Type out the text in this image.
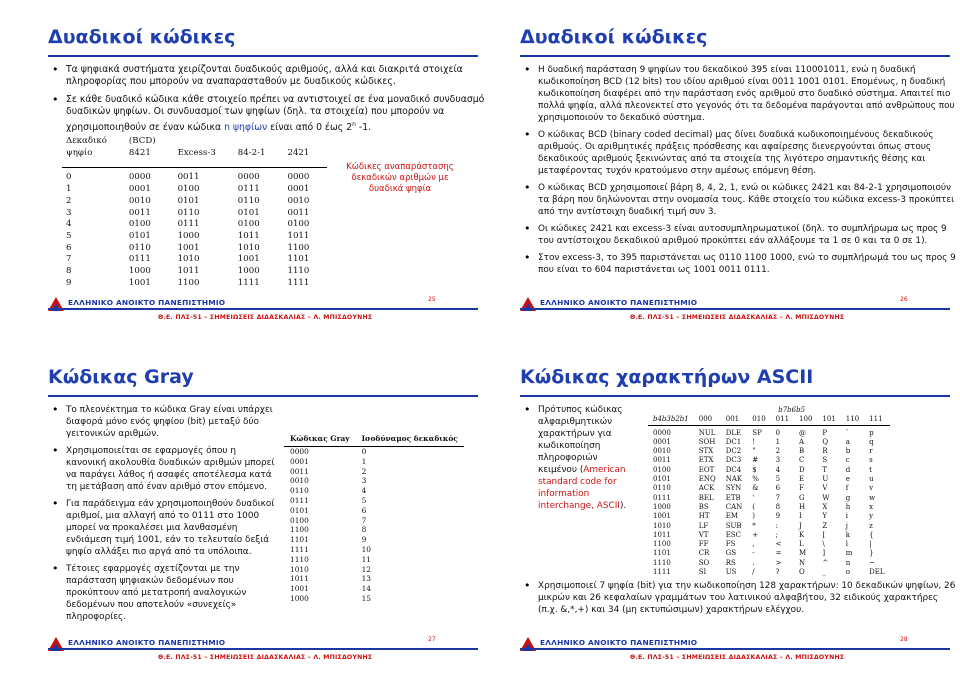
Δυαδικοί κώδικες
• Τα ψηφιακά συστήματα χειρίζονται δυαδικούς αριθμούς, αλλά και διακριτά στοιχεία πληροφορίας που μπορούν να αναπαρασταθούν με δυαδικούς κώδικες.
• Σε κάθε δυαδικό κώδικα κάθε στοιχείο πρέπει να αντιστοιχεί σε ένα μοναδικό συνδυασμό δυαδικών ψηφίων. Οι συνδυασμοί των ψηφίων (δηλ. τα στοιχεία) που μπορούν να χρησιμοποιηθούν σε έναν κώδικα n ψηφίων είναι από 0 έως 2$^n$ -1.
Δεκαδικό	(BCD)			
ψηφίο	8421	Excess-3	84-2-1	2421
0	0000	0011	0000	0000
1	0001	0100	0111	0001
2	0010	0101	0110	0010
3	0011	0110	0101	0011
4	0100	0111	0100	0100
5	0101	1000	1011	1011
6	0110	1001	1010	1100
7	0111	1010	1001	1101
8	1000	1011	1000	1110
9	1001	1100	1111	1111
Κώδικες αναπαράστασης δεκαδικών αριθμών με δυαδικά ψηφία
ΕΛΛΗΝΙΚΟ ΑΝΟΙΚΤΟ ΠΑΝΕΠΙΣΤΗΜΙΟ	25
Θ.Ε. ΠΛΣ-51 – ΣΗΜΕΙΩΣΕΙΣ ΔΙΔΑΣΚΑΛΙΑΣ – Λ. ΜΠΙΣΔΟΥΝΗΣ
Δυαδικοί κώδικες
• Η δυαδική παράσταση 9 ψηφίων του δεκαδικού 395 είναι 110001011, ενώ η δυαδική κωδικοποίηση BCD (12 bits) του ιδίου αριθμού είναι 0011 1001 0101. Επομένως, η δυαδική κωδικοποίηση διαφέρει από την παράσταση ενός αριθμού στο δυαδικό σύστημα. Απαιτεί πιο πολλά ψηφία, αλλά πλεονεκτεί στο γεγονός ότι τα δεδομένα παράγονται από ανθρώπους που χρησιμοποιούν το δεκαδικό σύστημα.
• Ο κώδικας BCD (binary coded decimal) μας δίνει δυαδικά κωδικοποιημένους δεκαδικούς αριθμούς. Οι αριθμητικές πράξεις πρόσθεσης και αφαίρεσης διενεργούνται όπως στους δεκαδικούς αριθμούς ξεκινώντας από τα στοιχεία της λιγότερο σημαντικής θέσης και μεταφέροντας τυχόν κρατούμενο στην αμέσως επόμενη θέση.
• Ο κώδικας BCD χρησιμοποιεί βάρη 8, 4, 2, 1, ενώ οι κώδικες 2421 και 84-2-1 χρησιμοποιούν τα βάρη που δηλώνονται στην ονομασία τους. Κάθε στοιχείο του κώδικα excess-3 προκύπτει από την αντίστοιχη δυαδική τιμή συν 3.
• Οι κώδικες 2421 και excess-3 είναι αυτοσυμπληρωματικοί (δηλ. το συμπλήρωμα ως προς 9 του αντίστοιχου δεκαδικού αριθμού προκύπτει εάν αλλάξουμε τα 1 σε 0 και τα 0 σε 1).
• Στον excess-3, το 395 παριστάνεται ως 0110 1100 1000, ενώ το συμπλήρωμά του ως προς 9 που είναι το 604 παριστάνεται ως 1001 0011 0111.
ΕΛΛΗΝΙΚΟ ΑΝΟΙΚΤΟ ΠΑΝΕΠΙΣΤΗΜΙΟ	26
Θ.Ε. ΠΛΣ-51 – ΣΗΜΕΙΩΣΕΙΣ ΔΙΔΑΣΚΑΛΙΑΣ – Λ. ΜΠΙΣΔΟΥΝΗΣ
Κώδικας Gray
• Το πλεονέκτημα το κώδικα Gray είναι υπάρχει διαφορά μόνο ενός ψηφίου (bit) μεταξύ δύο γειτονικών αριθμών.
• Χρησιμοποιείται σε εφαρμογές όπου η κανονική ακολουθία δυαδικών αριθμών μπορεί να παράγει λάθος ή ασαφές αποτέλεσμα κατά τη μετάβαση από έναν αριθμό στον επόμενο.
• Για παράδειγμα εάν χρησιμοποιηθούν δυαδικοί αριθμοί, μια αλλαγή από το 0111 στο 1000 μπορεί να προκαλέσει μια λανθασμένη ενδιάμεση τιμή 1001, εάν το τελευταίο δεξιά ψηφίο αλλάξει πιο αργά από τα υπόλοιπα.
• Τέτοιες εφαρμογές σχετίζονται με την παράσταση ψηφιακών δεδομένων που προκύπτουν από μετατροπή αναλογικών δεδομένων που αποτελούν «συνεχείς» πληροφορίες.
Κώδικας Gray	Ισοδύναμος δεκαδικός
0000	0
0001	1
0011	2
0010	3
0110	4
0111	5
0101	6
0100	7
1100	8
1101	9
1111	10
1110	11
1010	12
1011	13
1001	14
1000	15
ΕΛΛΗΝΙΚΟ ΑΝΟΙΚΤΟ ΠΑΝΕΠΙΣΤΗΜΙΟ	27
Θ.Ε. ΠΛΣ-51 – ΣΗΜΕΙΩΣΕΙΣ ΔΙΔΑΣΚΑΛΙΑΣ – Λ. ΜΠΙΣΔΟΥΝΗΣ
Κώδικας χαρακτήρων ASCII
• Πρότυπος κώδικας αλφαριθμητικών χαρακτήρων για κωδικοποίηση πληροφοριών κειμένου (American standard code for information interchange, ASCII).
	b7b6b5							
b4b3b2b1	000	001	010	011	100	101	110	111
0000	NUL	DLE	SP	0	@	P	`	p
0001	SOH	DC1	!	1	A	Q	a	q
0010	STX	DC2	"	2	B	R	b	r
0011	ETX	DC3	#	3	C	S	c	s
0100	EOT	DC4	$	4	D	T	d	t
0101	ENQ	NAK	%	5	E	U	e	u
0110	ACK	SYN	&	6	F	V	f	v
0111	BEL	ETB	'	7	G	W	g	w
1000	BS	CAN	(	8	H	X	h	x
1001	HT	EM	)	9	I	Y	i	y
1010	LF	SUB	*	:	J	Z	j	z
1011	VT	ESC	+	;	K	[	k	{
1100	FF	FS	,	<	L	\	l	|
1101	CR	GS	-	=	M	]	m	}
1110	SO	RS	.	>	N	^	n	~
1111	SI	US	/	?	O	_	o	DEL
• Χρησιμοποιεί 7 ψηφία (bit) για την κωδικοποίηση 128 χαρακτήρων: 10 δεκαδικών ψηφίων, 26 μικρών και 26 κεφαλαίων γραμμάτων του λατινικού αλφαβήτου, 32 ειδικούς χαρακτήρες (π.χ. &,*,+) και 34 (μη εκτυπώσιμων) χαρακτήρων ελέγχου.
ΕΛΛΗΝΙΚΟ ΑΝΟΙΚΤΟ ΠΑΝΕΠΙΣΤΗΜΙΟ	28
Θ.Ε. ΠΛΣ-51 – ΣΗΜΕΙΩΣΕΙΣ ΔΙΔΑΣΚΑΛΙΑΣ – Λ. ΜΠΙΣΔΟΥΝΗΣ
